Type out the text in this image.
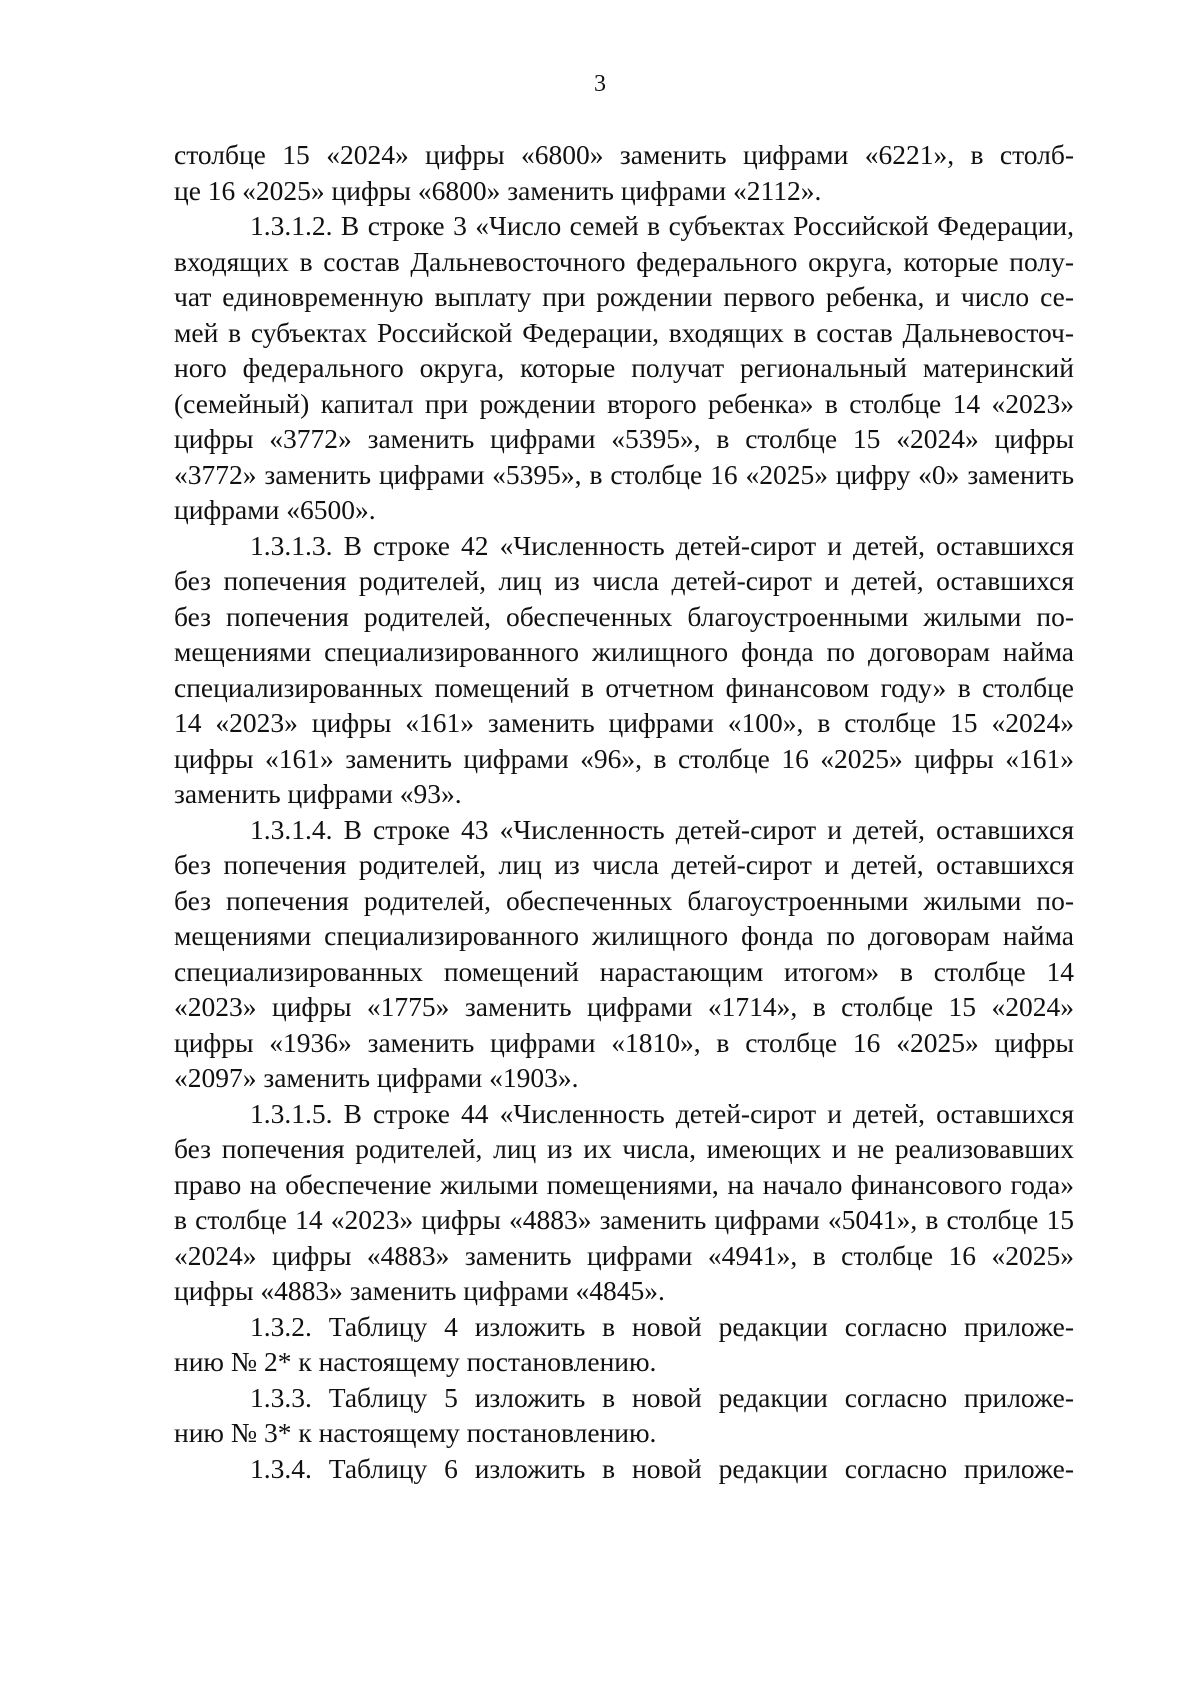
3
столбце 15 «2024» цифры «6800» заменить цифрами «6221», в столб-
це 16 «2025» цифры «6800» заменить цифрами «2112».
1.3.1.2. В строке 3 «Число семей в субъектах Российской Федерации,
входящих в состав Дальневосточного федерального округа, которые полу-
чат единовременную выплату при рождении первого ребенка, и число се-
мей в субъектах Российской Федерации, входящих в состав Дальневосточ-
ного федерального округа, которые получат региональный материнский
(семейный) капитал при рождении второго ребенка» в столбце 14 «2023»
цифры «3772» заменить цифрами «5395», в столбце 15 «2024» цифры
«3772» заменить цифрами «5395», в столбце 16 «2025» цифру «0» заменить
цифрами «6500».
1.3.1.3. В строке 42 «Численность детей-сирот и детей, оставшихся
без попечения родителей, лиц из числа детей-сирот и детей, оставшихся
без попечения родителей, обеспеченных благоустроенными жилыми по-
мещениями специализированного жилищного фонда по договорам найма
специализированных помещений в отчетном финансовом году» в столбце
14 «2023» цифры «161» заменить цифрами «100», в столбце 15 «2024»
цифры «161» заменить цифрами «96», в столбце 16 «2025» цифры «161»
заменить цифрами «93».
1.3.1.4. В строке 43 «Численность детей-сирот и детей, оставшихся
без попечения родителей, лиц из числа детей-сирот и детей, оставшихся
без попечения родителей, обеспеченных благоустроенными жилыми по-
мещениями специализированного жилищного фонда по договорам найма
специализированных помещений нарастающим итогом» в столбце 14
«2023» цифры «1775» заменить цифрами «1714», в столбце 15 «2024»
цифры «1936» заменить цифрами «1810», в столбце 16 «2025» цифры
«2097» заменить цифрами «1903».
1.3.1.5. В строке 44 «Численность детей-сирот и детей, оставшихся
без попечения родителей, лиц из их числа, имеющих и не реализовавших
право на обеспечение жилыми помещениями, на начало финансового года»
в столбце 14 «2023» цифры «4883» заменить цифрами «5041», в столбце 15
«2024» цифры «4883» заменить цифрами «4941», в столбце 16 «2025»
цифры «4883» заменить цифрами «4845».
1.3.2. Таблицу 4 изложить в новой редакции согласно приложе-
нию № 2* к настоящему постановлению.
1.3.3. Таблицу 5 изложить в новой редакции согласно приложе-
нию № 3* к настоящему постановлению.
1.3.4. Таблицу 6 изложить в новой редакции согласно приложе-
